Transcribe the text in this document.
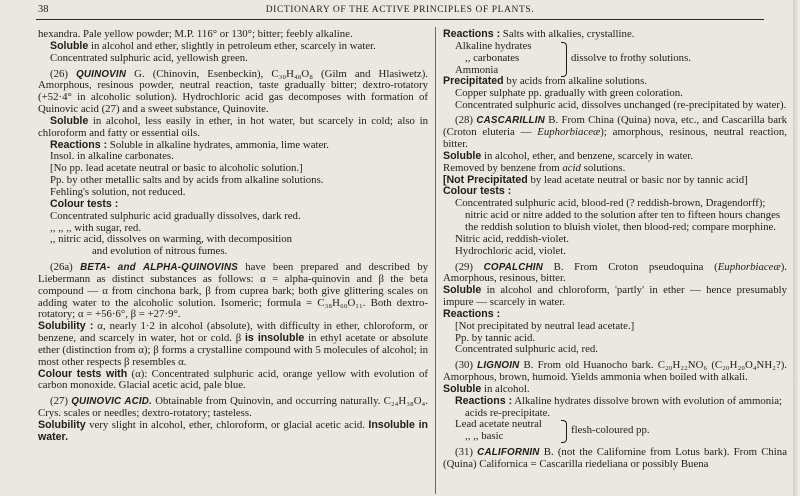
38	DICTIONARY OF THE ACTIVE PRINCIPLES OF PLANTS.

hexandra. Pale yellow powder; M.P. 116° or 130°; bitter; feebly alkaline.

Soluble in alcohol and ether, slightly in petroleum ether, scarcely in water.

Concentrated sulphuric acid, yellowish green.

(26) QUINOVIN G. (Chinovin, Esenbeckin), C₃₀H₄₈O₈ (Gilm and Hlasiwetz). Amorphous, resinous powder, neutral reaction, taste gradually bitter; dextro-rotatory (+52·4° in alcoholic solution). Hydrochloric acid gas decomposes with formation of Quinovic acid (27) and a sweet substance, Quinovite.

Soluble in alcohol, less easily in ether, in hot water, but scarcely in cold; also in chloroform and fatty or essential oils.

Reactions : Soluble in alkaline hydrates, ammonia, lime water.

Insol. in alkaline carbonates.

[No pp. lead acetate neutral or basic to alcoholic solution.]

Pp. by other metallic salts and by acids from alkaline solutions.

Fehling's solution, not reduced.

Colour tests :

Concentrated sulphuric acid gradually dissolves, dark red.

,, ,, ,, with sugar, red.

,, nitric acid, dissolves on warming, with decomposition

and evolution of nitrous fumes.

(26a) BETA- and ALPHA-QUINOVINS have been prepared and described by Liebermann as distinct substances as follows: α = alpha-quinovin and β the beta compound — α from cinchona bark, β from cuprea bark; both give glittering scales on adding water to the alcoholic solution. Isomeric; formula = C₃₈H₆₀O₁₁. Both dextro-rotatory; α = +56·6°, β = +27·9°.

Solubility : α, nearly 1·2 in alcohol (absolute), with difficulty in ether, chloroform, or benzene, and scarcely in water, hot or cold. β is insoluble in ethyl acetate or absolute ether (distinction from α); β forms a crystalline compound with 5 molecules of alcohol; in most other respects β resembles α.

Colour tests with (α): Concentrated sulphuric acid, orange yellow with evolution of carbon monoxide. Glacial acetic acid, pale blue.

(27) QUINOVIC ACID. Obtainable from Quinovin, and occurring naturally. C₂₄H₃₈O₄. Crys. scales or needles; dextro-rotatory; tasteless.

Solubility very slight in alcohol, ether, chloroform, or glacial acetic acid. Insoluble in water.

Reactions : Salts with alkalies, crystalline.

Alkaline hydrates
,, carbonates
Ammonia
dissolve to frothy solutions.

Precipitated by acids from alkaline solutions.

Copper sulphate pp. gradually with green coloration.

Concentrated sulphuric acid, dissolves unchanged (re-precipitated by water).

(28) CASCARILLIN B. From China (Quina) nova, etc., and Cascarilla bark (Croton eluteria — Euphorbiaceæ); amorphous, resinous, neutral reaction, bitter.

Soluble in alcohol, ether, and benzene, scarcely in water.

Removed by benzene from acid solutions.

[Not Precipitated by lead acetate neutral or basic nor by tannic acid]

Colour tests :

Concentrated sulphuric acid, blood-red (? reddish-brown, Dragendorff); nitric acid or nitre added to the solution after ten to fifteen hours changes the reddish solution to bluish violet, then blood-red; compare morphine.

Nitric acid, reddish-violet.

Hydrochloric acid, violet.

(29) COPALCHIN B. From Croton pseudoquina (Euphorbiaceæ). Amorphous, resinous, bitter.

Soluble in alcohol and chloroform, 'partly' in ether — hence presumably impure — scarcely in water.

Reactions :

[Not precipitated by neutral lead acetate.]

Pp. by tannic acid.

Concentrated sulphuric acid, red.

(30) LIGNOIN B. From old Huanocho bark. C₂₀H₂₂NO₆ (C₂₀H₂₀O₄NH₂?). Amorphous, brown, humoid. Yields ammonia when boiled with alkali.

Soluble in alcohol.

Reactions : Alkaline hydrates dissolve brown with evolution of ammonia; acids re-precipitate.

Lead acetate neutral
,, ,, basic	flesh-coloured pp.

(31) CALIFORNIN B. (not the Californine from Lotus bark). From China (Quina) Californica = Cascarilla riedeliana or possibly Buena
